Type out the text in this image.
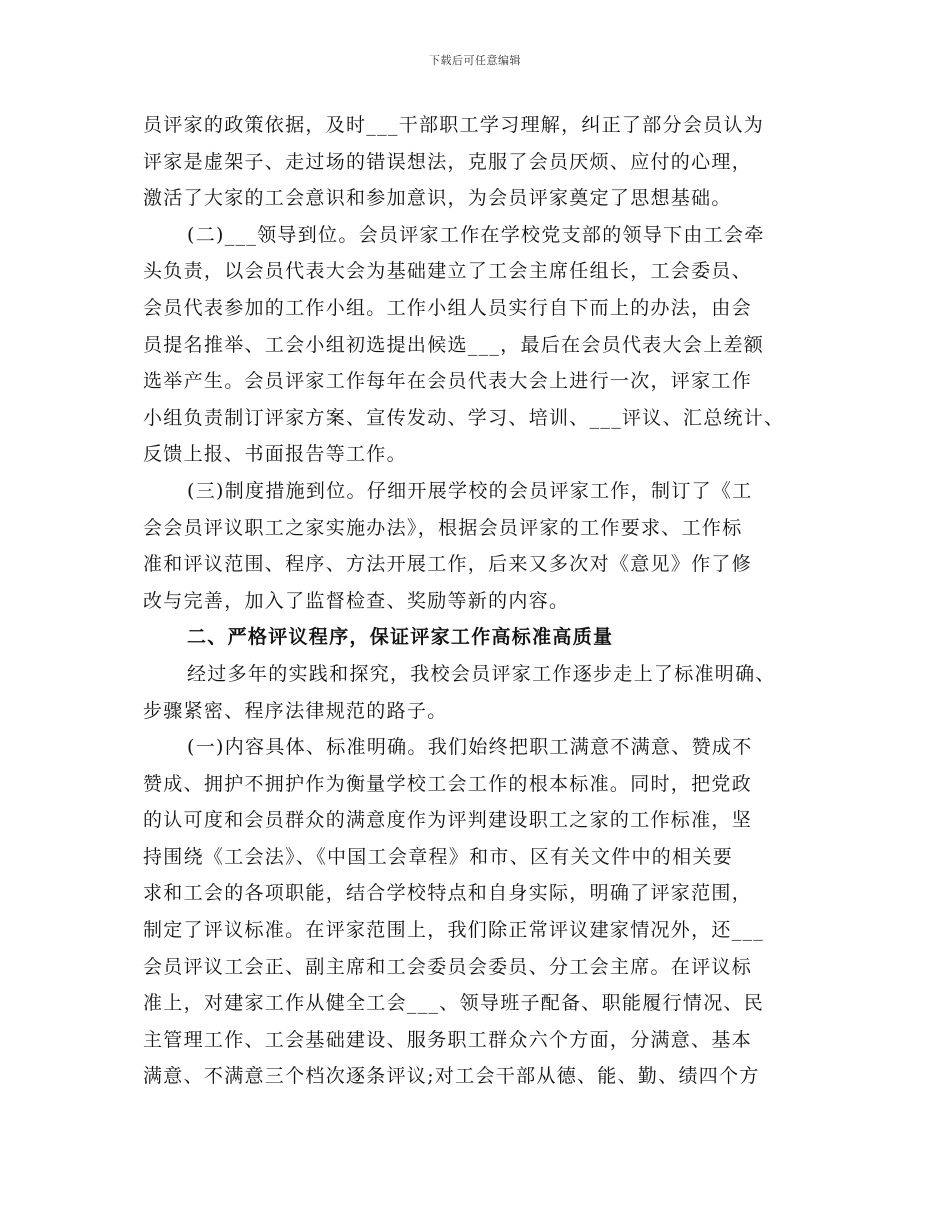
下载后可任意编辑
员评家的政策依据，及时___干部职工学习理解，纠正了部分会员认为
评家是虚架子、走过场的错误想法，克服了会员厌烦、应付的心理，
激活了大家的工会意识和参加意识，为会员评家奠定了思想基础。
(二)___领导到位。会员评家工作在学校党支部的领导下由工会牵
头负责，以会员代表大会为基础建立了工会主席任组长，工会委员、
会员代表参加的工作小组。工作小组人员实行自下而上的办法，由会
员提名推举、工会小组初选提出候选___，最后在会员代表大会上差额
选举产生。会员评家工作每年在会员代表大会上进行一次，评家工作
小组负责制订评家方案、宣传发动、学习、培训、___评议、汇总统计、
反馈上报、书面报告等工作。
(三)制度措施到位。仔细开展学校的会员评家工作，制订了《工
会会员评议职工之家实施办法》，根据会员评家的工作要求、工作标
准和评议范围、程序、方法开展工作，后来又多次对《意见》作了修
改与完善，加入了监督检查、奖励等新的内容。
二、严格评议程序，保证评家工作高标准高质量
经过多年的实践和探究，我校会员评家工作逐步走上了标准明确、
步骤紧密、程序法律规范的路子。
(一)内容具体、标准明确。我们始终把职工满意不满意、赞成不
赞成、拥护不拥护作为衡量学校工会工作的根本标准。同时，把党政
的认可度和会员群众的满意度作为评判建设职工之家的工作标准，坚
持围绕《工会法》、《中国工会章程》和市、区有关文件中的相关要
求和工会的各项职能，结合学校特点和自身实际，明确了评家范围，
制定了评议标准。在评家范围上，我们除正常评议建家情况外，还___
会员评议工会正、副主席和工会委员会委员、分工会主席。在评议标
准上，对建家工作从健全工会___、领导班子配备、职能履行情况、民
主管理工作、工会基础建设、服务职工群众六个方面，分满意、基本
满意、不满意三个档次逐条评议;对工会干部从德、能、勤、绩四个方
